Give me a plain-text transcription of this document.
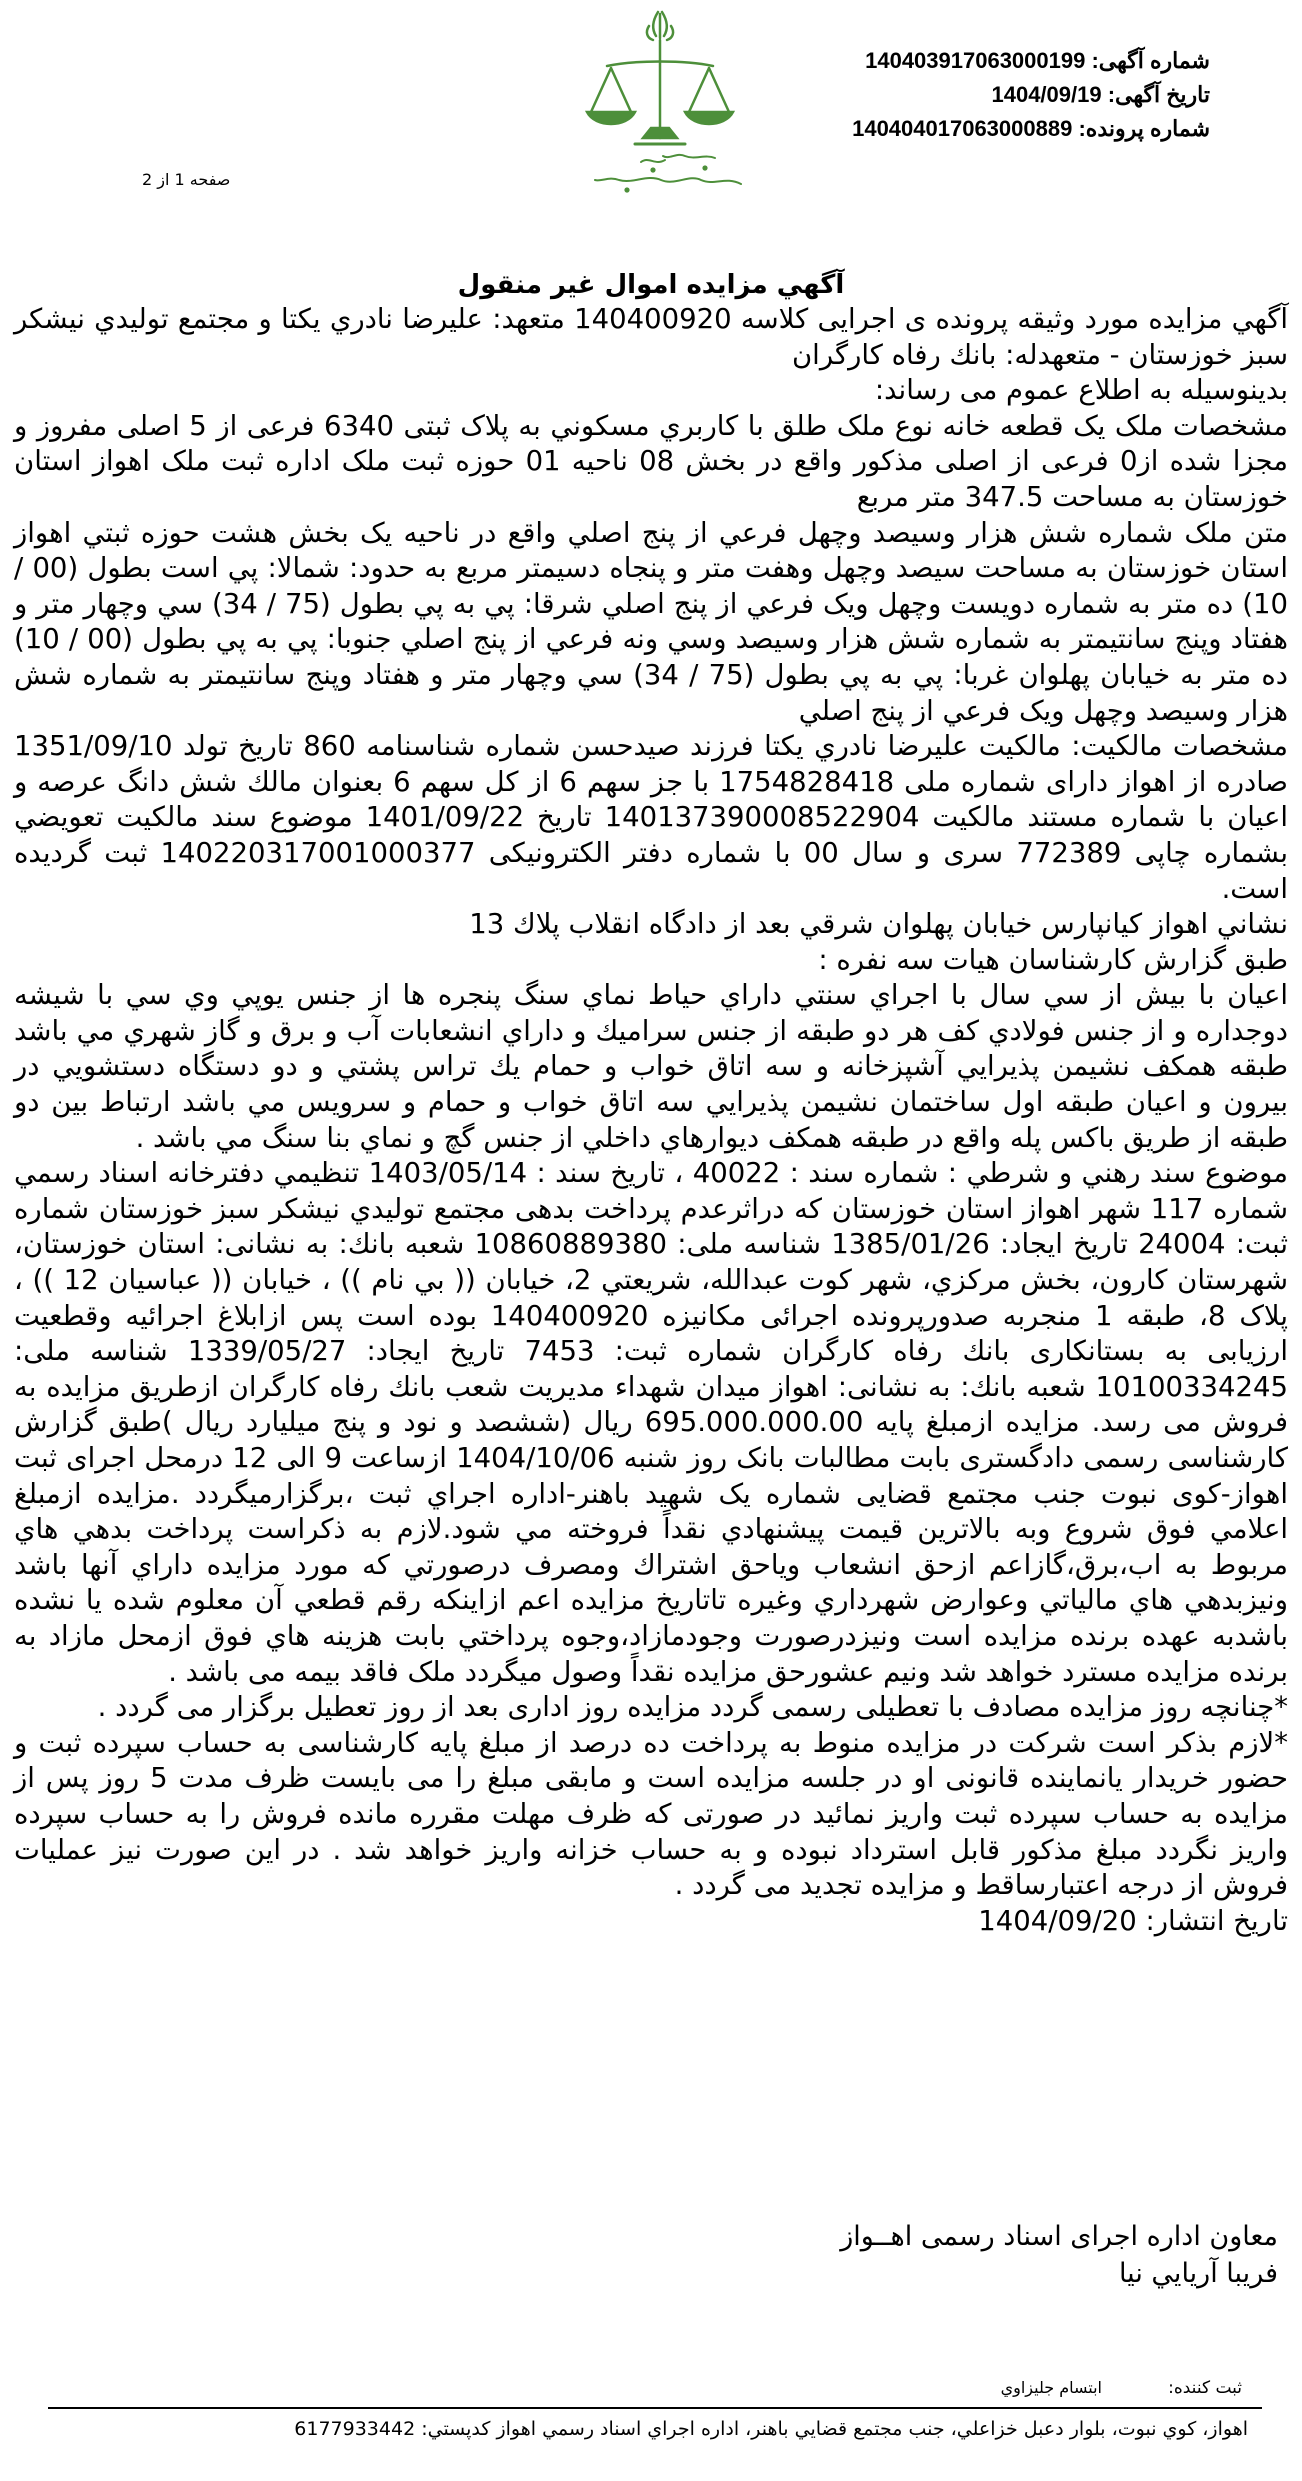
شماره آگهی: 140403917063000199
تاریخ آگهی: 1404/09/19
شماره پرونده: 140404017063000889
صفحه 1 از 2
آگهي مزايده اموال غير منقول

آگهي مزايده مورد وثيقه پرونده ی اجرایی کلاسه 140400920 متعهد: عليرضا نادري يكتا و مجتمع توليدي نيشكر سبز خوزستان - متعهدله: بانك رفاه كارگران

بدينوسيله به اطلاع عموم می رساند:

مشخصات ملک یک قطعه خانه نوع ملک طلق با كاربري مسكوني به پلاک ثبتی 6340 فرعی از 5 اصلی مفروز و مجزا شده از0 فرعی از اصلی مذکور واقع در بخش 08 ناحیه 01 حوزه ثبت ملک اداره ثبت ملک اهواز استان خوزستان به مساحت 347.5 متر مربع

متن ملک شماره شش هزار وسيصد وچهل فرعي از پنج اصلي واقع در ناحيه يک بخش هشت حوزه ثبتي اهواز استان خوزستان به مساحت سيصد وچهل وهفت متر و پنجاه دسيمتر مربع به حدود: شمالا: پي است بطول (00 / 10) ده متر به شماره دويست وچهل ويک فرعي از پنج اصلي شرقا: پي به پي بطول (75 / 34) سي وچهار متر و هفتاد وپنج سانتيمتر به شماره شش هزار وسيصد وسي ونه فرعي از پنج اصلي جنوبا: پي به پي بطول (00 / 10) ده متر به خيابان پهلوان غربا: پي به پي بطول (75 / 34) سي وچهار متر و هفتاد وپنج سانتيمتر به شماره شش هزار وسيصد وچهل ويک فرعي از پنج اصلي

مشخصات مالکیت: مالكيت عليرضا نادري يكتا فرزند صيدحسن شماره شناسنامه 860 تاريخ تولد 1351/09/10 صادره از اهواز دارای شماره ملی 1754828418 با جز سهم 6 از کل سهم 6 بعنوان مالك شش دانگ عرصه و اعيان با شماره مستند مالكيت 140137390008522904 تاريخ 1401/09/22 موضوع سند مالكيت تعويضي بشماره چاپی 772389 سری و سال 00 با شماره دفتر الکترونیکی 140220317001000377 ثبت گرديده است.

نشاني اهواز كيانپارس خيابان پهلوان شرقي بعد از دادگاه انقلاب پلاك 13

طبق گزارش كارشناسان هيات سه نفره :

اعيان با بيش از سي سال با اجراي سنتي داراي حياط نماي سنگ پنجره ها از جنس يوپي وي سي با شيشه دوجداره و از جنس فولادي كف هر دو طبقه از جنس سراميك و داراي انشعابات آب و برق و گاز شهري مي باشد طبقه همكف نشيمن پذيرايي آشپزخانه و سه اتاق خواب و حمام يك تراس پشتي و دو دستگاه دستشويي در بيرون و اعيان طبقه اول ساختمان نشيمن پذيرايي سه اتاق خواب و حمام و سرويس مي باشد ارتباط بين دو طبقه از طريق باكس پله واقع در طبقه همكف ديوارهاي داخلي از جنس گچ و نماي بنا سنگ مي باشد .

موضوع سند رهني و شرطي : شماره سند : 40022 ، تاريخ سند : 1403/05/14 تنظيمي دفترخانه اسناد رسمي شماره 117 شهر اهواز استان خوزستان كه دراثرعدم پرداخت بدهی مجتمع توليدي نيشكر سبز خوزستان شماره ثبت: 24004 تاريخ ايجاد: 1385/01/26 شناسه ملی: 10860889380 شعبه بانك: به نشانی: استان خوزستان، شهرستان كارون، بخش مركزي، شهر كوت عبدالله، شريعتي 2، خيابان (( بي نام )) ، خيابان (( عباسيان 12 )) ، پلاک 8، طبقه 1 منجربه صدورپرونده اجرائی مكانيزه 140400920 بوده است پس ازابلاغ اجرائيه وقطعيت ارزيابی به بستانكاری بانك رفاه كارگران شماره ثبت: 7453 تاريخ ايجاد: 1339/05/27 شناسه ملی: 10100334245 شعبه بانك: به نشانی: اهواز ميدان شهداء مديريت شعب بانك رفاه كارگران ازطريق مزايده به فروش می رسد. مزايده ازمبلغ پايه 695.000.000.00 ريال (ششصد و نود و پنج ميليارد ريال )طبق گزارش كارشناسی رسمی دادگستری بابت مطالبات بانک روز شنبه 1404/10/06 ازساعت 9 الی 12 درمحل اجرای ثبت اهواز-کوی نبوت جنب مجتمع قضایی شماره یک شهید باهنر-اداره اجراي ثبت ،برگزارميگردد .مزايده ازمبلغ اعلامي فوق شروع وبه بالاترين قيمت پيشنهادي نقداً فروخته مي شود.لازم به ذكراست پرداخت بدهي هاي مربوط به اب،برق،گازاعم ازحق انشعاب وياحق اشتراك ومصرف درصورتي كه مورد مزايده داراي آنها باشد ونيزبدهي هاي مالياتي وعوارض شهرداري وغيره تاتاريخ مزايده اعم ازاينكه رقم قطعي آن معلوم شده يا نشده باشدبه عهده برنده مزايده است ونيزدرصورت وجودمازاد،وجوه پرداختي بابت هزينه هاي فوق ازمحل مازاد به برنده مزايده مسترد خواهد شد ونيم عشورحق مزايده نقداً وصول ميگردد ملک فاقد بيمه می باشد .

*چنانچه روز مزایده مصادف با تعطیلی رسمی گردد مزایده روز اداری بعد از روز تعطیل برگزار می گردد .

*لازم بذکر است شرکت در مزایده منوط به پرداخت ده درصد از مبلغ پایه کارشناسی به حساب سپرده ثبت و حضور خریدار یانماینده قانونی او در جلسه مزایده است و مابقی مبلغ را می بایست ظرف مدت 5 روز پس از مزایده به حساب سپرده ثبت واریز نمائید در صورتی که ظرف مهلت مقرره مانده فروش را به حساب سپرده واریز نگردد مبلغ مذکور قابل استرداد نبوده و به حساب خزانه واریز خواهد شد . در این صورت نیز عملیات فروش از درجه اعتبارساقط و مزایده تجدید می گردد .

تاریخ انتشار: 1404/09/20

معاون اداره اجرای اسناد رسمی اهــواز
فريبا آريايي نيا
ثبت كننده:
ابتسام جليزاوي
اهواز، كوي نبوت، بلوار دعبل خزاعلي، جنب مجتمع قضايي باهنر، اداره اجراي اسناد رسمي اهواز كدپستي: 6177933442
